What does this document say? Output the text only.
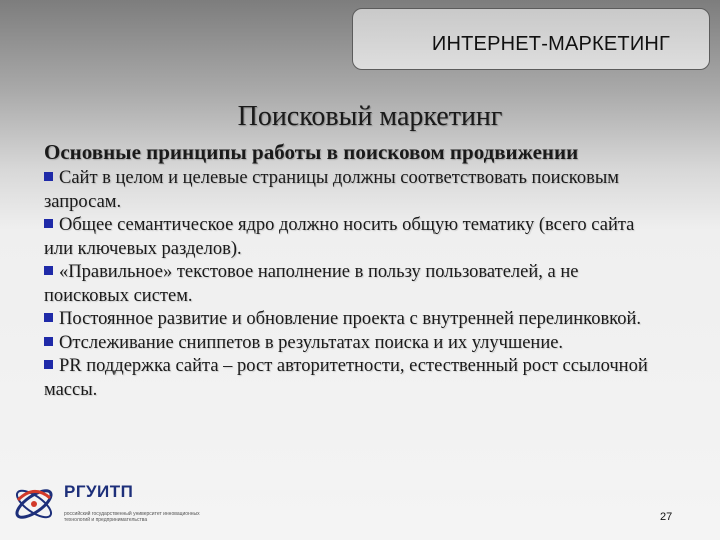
ИНТЕРНЕТ-МАРКЕТИНГ
Поисковый маркетинг
Основные принципы работы в поисковом продвижении
Сайт в целом и целевые страницы должны соответствовать поисковым запросам.
Общее семантическое ядро должно носить общую тематику (всего сайта или ключевых разделов).
«Правильное» текстовое наполнение в пользу пользователей, а не поисковых систем.
Постоянное развитие и обновление проекта с внутренней перелинковкой.
Отслеживание сниппетов в результатах поиска и их улучшение.
PR поддержка сайта – рост авторитетности, естественный рост ссылочной массы.
РГУИТП
российский государственный университет инновационных технологий и предпринимательства	27
